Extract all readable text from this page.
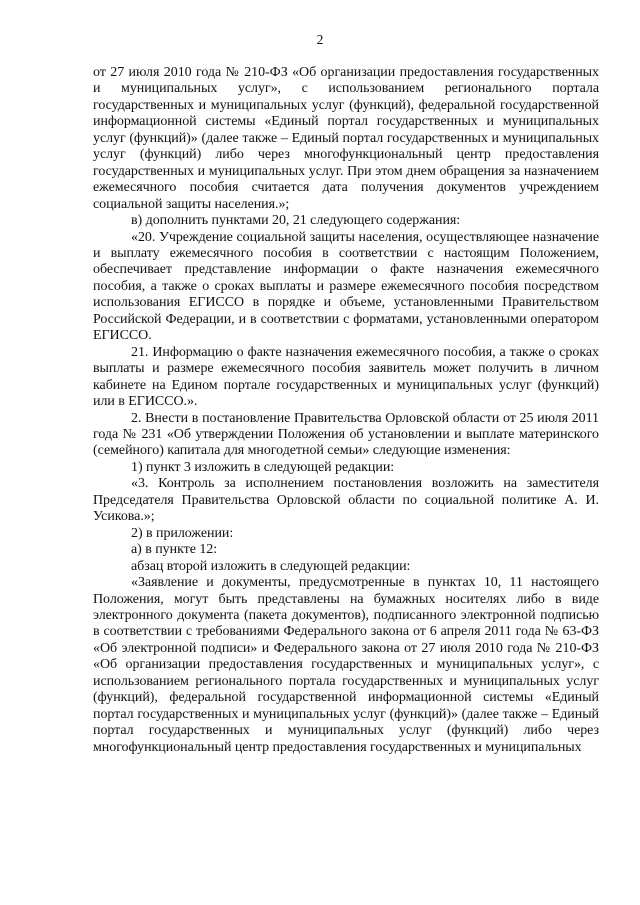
2

от 27 июля 2010 года № 210-ФЗ «Об организации предоставления государственных и муниципальных услуг», с использованием регионального портала государственных и муниципальных услуг (функций), федеральной государственной информационной системы «Единый портал государственных и муниципальных услуг (функций)» (далее также – Единый портал государственных и муниципальных услуг (функций) либо через многофункциональный центр предоставления государственных и муниципальных услуг. При этом днем обращения за назначением ежемесячного пособия считается дата получения документов учреждением социальной защиты населения.»;

в) дополнить пунктами 20, 21 следующего содержания:

«20. Учреждение социальной защиты населения, осуществляющее назначение и выплату ежемесячного пособия в соответствии с настоящим Положением, обеспечивает представление информации о факте назначения ежемесячного пособия, а также о сроках выплаты и размере ежемесячного пособия посредством использования ЕГИССО в порядке и объеме, установленными Правительством Российской Федерации, и в соответствии с форматами, установленными оператором ЕГИССО.

21. Информацию о факте назначения ежемесячного пособия, а также о сроках выплаты и размере ежемесячного пособия заявитель может получить в личном кабинете на Едином портале государственных и муниципальных услуг (функций) или в ЕГИССО.».

2. Внести в постановление Правительства Орловской области от 25 июля 2011 года № 231 «Об утверждении Положения об установлении и выплате материнского (семейного) капитала для многодетной семьи» следующие изменения:

1) пункт 3 изложить в следующей редакции:

«3. Контроль за исполнением постановления возложить на заместителя Председателя Правительства Орловской области по социальной политике А. И. Усикова.»;

2) в приложении:

а) в пункте 12:

абзац второй изложить в следующей редакции:

«Заявление и документы, предусмотренные в пунктах 10, 11 настоящего Положения, могут быть представлены на бумажных носителях либо в виде электронного документа (пакета документов), подписанного электронной подписью в соответствии с требованиями Федерального закона от 6 апреля 2011 года № 63-ФЗ «Об электронной подписи» и Федерального закона от 27 июля 2010 года № 210-ФЗ «Об организации предоставления государственных и муниципальных услуг», с использованием регионального портала государственных и муниципальных услуг (функций), федеральной государственной информационной системы «Единый портал государственных и муниципальных услуг (функций)» (далее также – Единый портал государственных и муниципальных услуг (функций) либо через многофункциональный центр предоставления государственных и муниципальных
